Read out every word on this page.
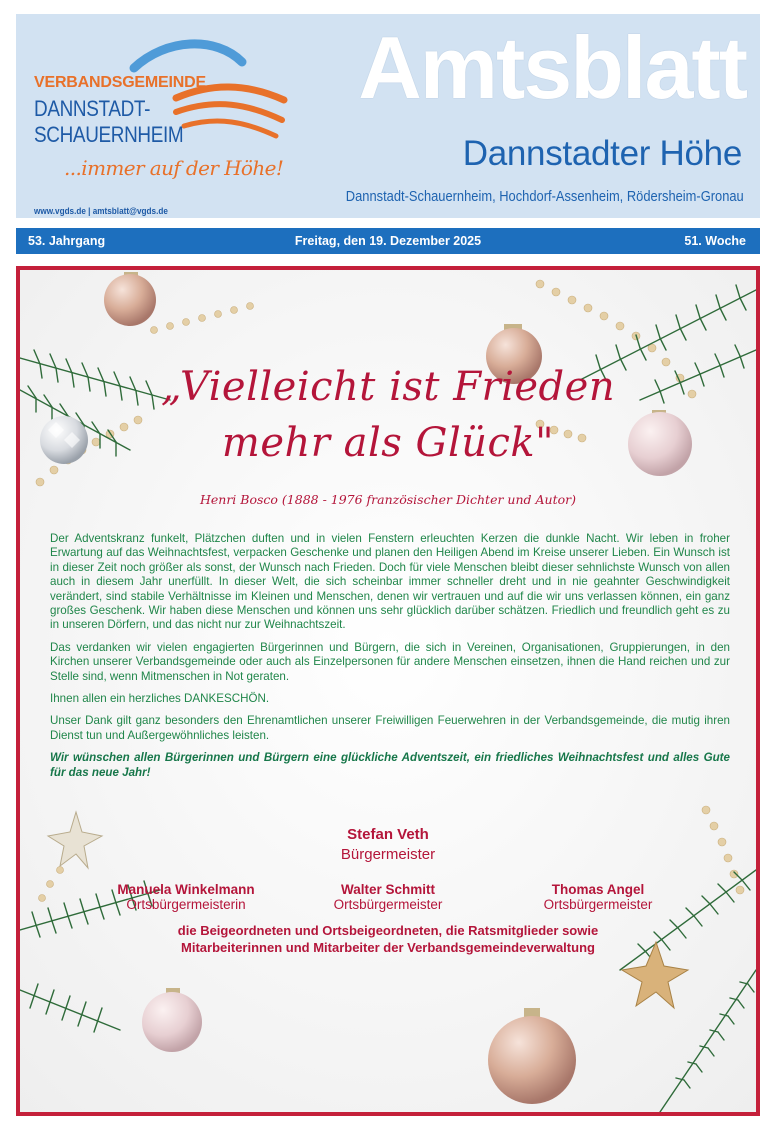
VERBANDSGEMEINDE
DANNSTADT-
SCHAUERNHEIM
...immer auf der Höhe!
www.vgds.de | amtsblatt@vgds.de
Amtsblatt
Dannstadter Höhe
Dannstadt-Schauernheim, Hochdorf-Assenheim, Rödersheim-Gronau
53. Jahrgang	Freitag, den 19. Dezember 2025	51. Woche
„Vielleicht ist Frieden
mehr als Glück"
Henri Bosco (1888 - 1976 französischer Dichter und Autor)

Der Adventskranz funkelt, Plätzchen duften und in vielen Fenstern erleuchten Kerzen die dunkle Nacht. Wir leben in froher Erwartung auf das Weihnachtsfest, verpacken Geschenke und planen den Heiligen Abend im Kreise unserer Lieben. Ein Wunsch ist in dieser Zeit noch größer als sonst, der Wunsch nach Frieden. Doch für viele Menschen bleibt dieser sehnlichste Wunsch von allen auch in diesem Jahr unerfüllt. In dieser Welt, die sich scheinbar immer schneller dreht und in nie geahnter Geschwindigkeit verändert, sind stabile Verhältnisse im Kleinen und Menschen, denen wir vertrauen und auf die wir uns verlassen können, ein ganz großes Geschenk. Wir haben diese Menschen und können uns sehr glücklich darüber schätzen. Friedlich und freundlich geht es zu in unseren Dörfern, und das nicht nur zur Weihnachtszeit.

Das verdanken wir vielen engagierten Bürgerinnen und Bürgern, die sich in Vereinen, Organisationen, Gruppierungen, in den Kirchen unserer Verbandsgemeinde oder auch als Einzelpersonen für andere Menschen einsetzen, ihnen die Hand reichen und zur Stelle sind, wenn Mitmenschen in Not geraten.

Ihnen allen ein herzliches DANKESCHÖN.

Unser Dank gilt ganz besonders den Ehrenamtlichen unserer Freiwilligen Feuerwehren in der Verbandsgemeinde, die mutig ihren Dienst tun und Außergewöhnliches leisten.

Wir wünschen allen Bürgerinnen und Bürgern eine glückliche Adventszeit, ein friedliches Weihnachtsfest und alles Gute für das neue Jahr!

Stefan Veth
Bürgermeister
Manuela Winkelmann
Ortsbürgermeisterin
Walter Schmitt
Ortsbürgermeister
Thomas Angel
Ortsbürgermeister
die Beigeordneten und Ortsbeigeordneten, die Ratsmitglieder sowie
Mitarbeiterinnen und Mitarbeiter der Verbandsgemeindeverwaltung
